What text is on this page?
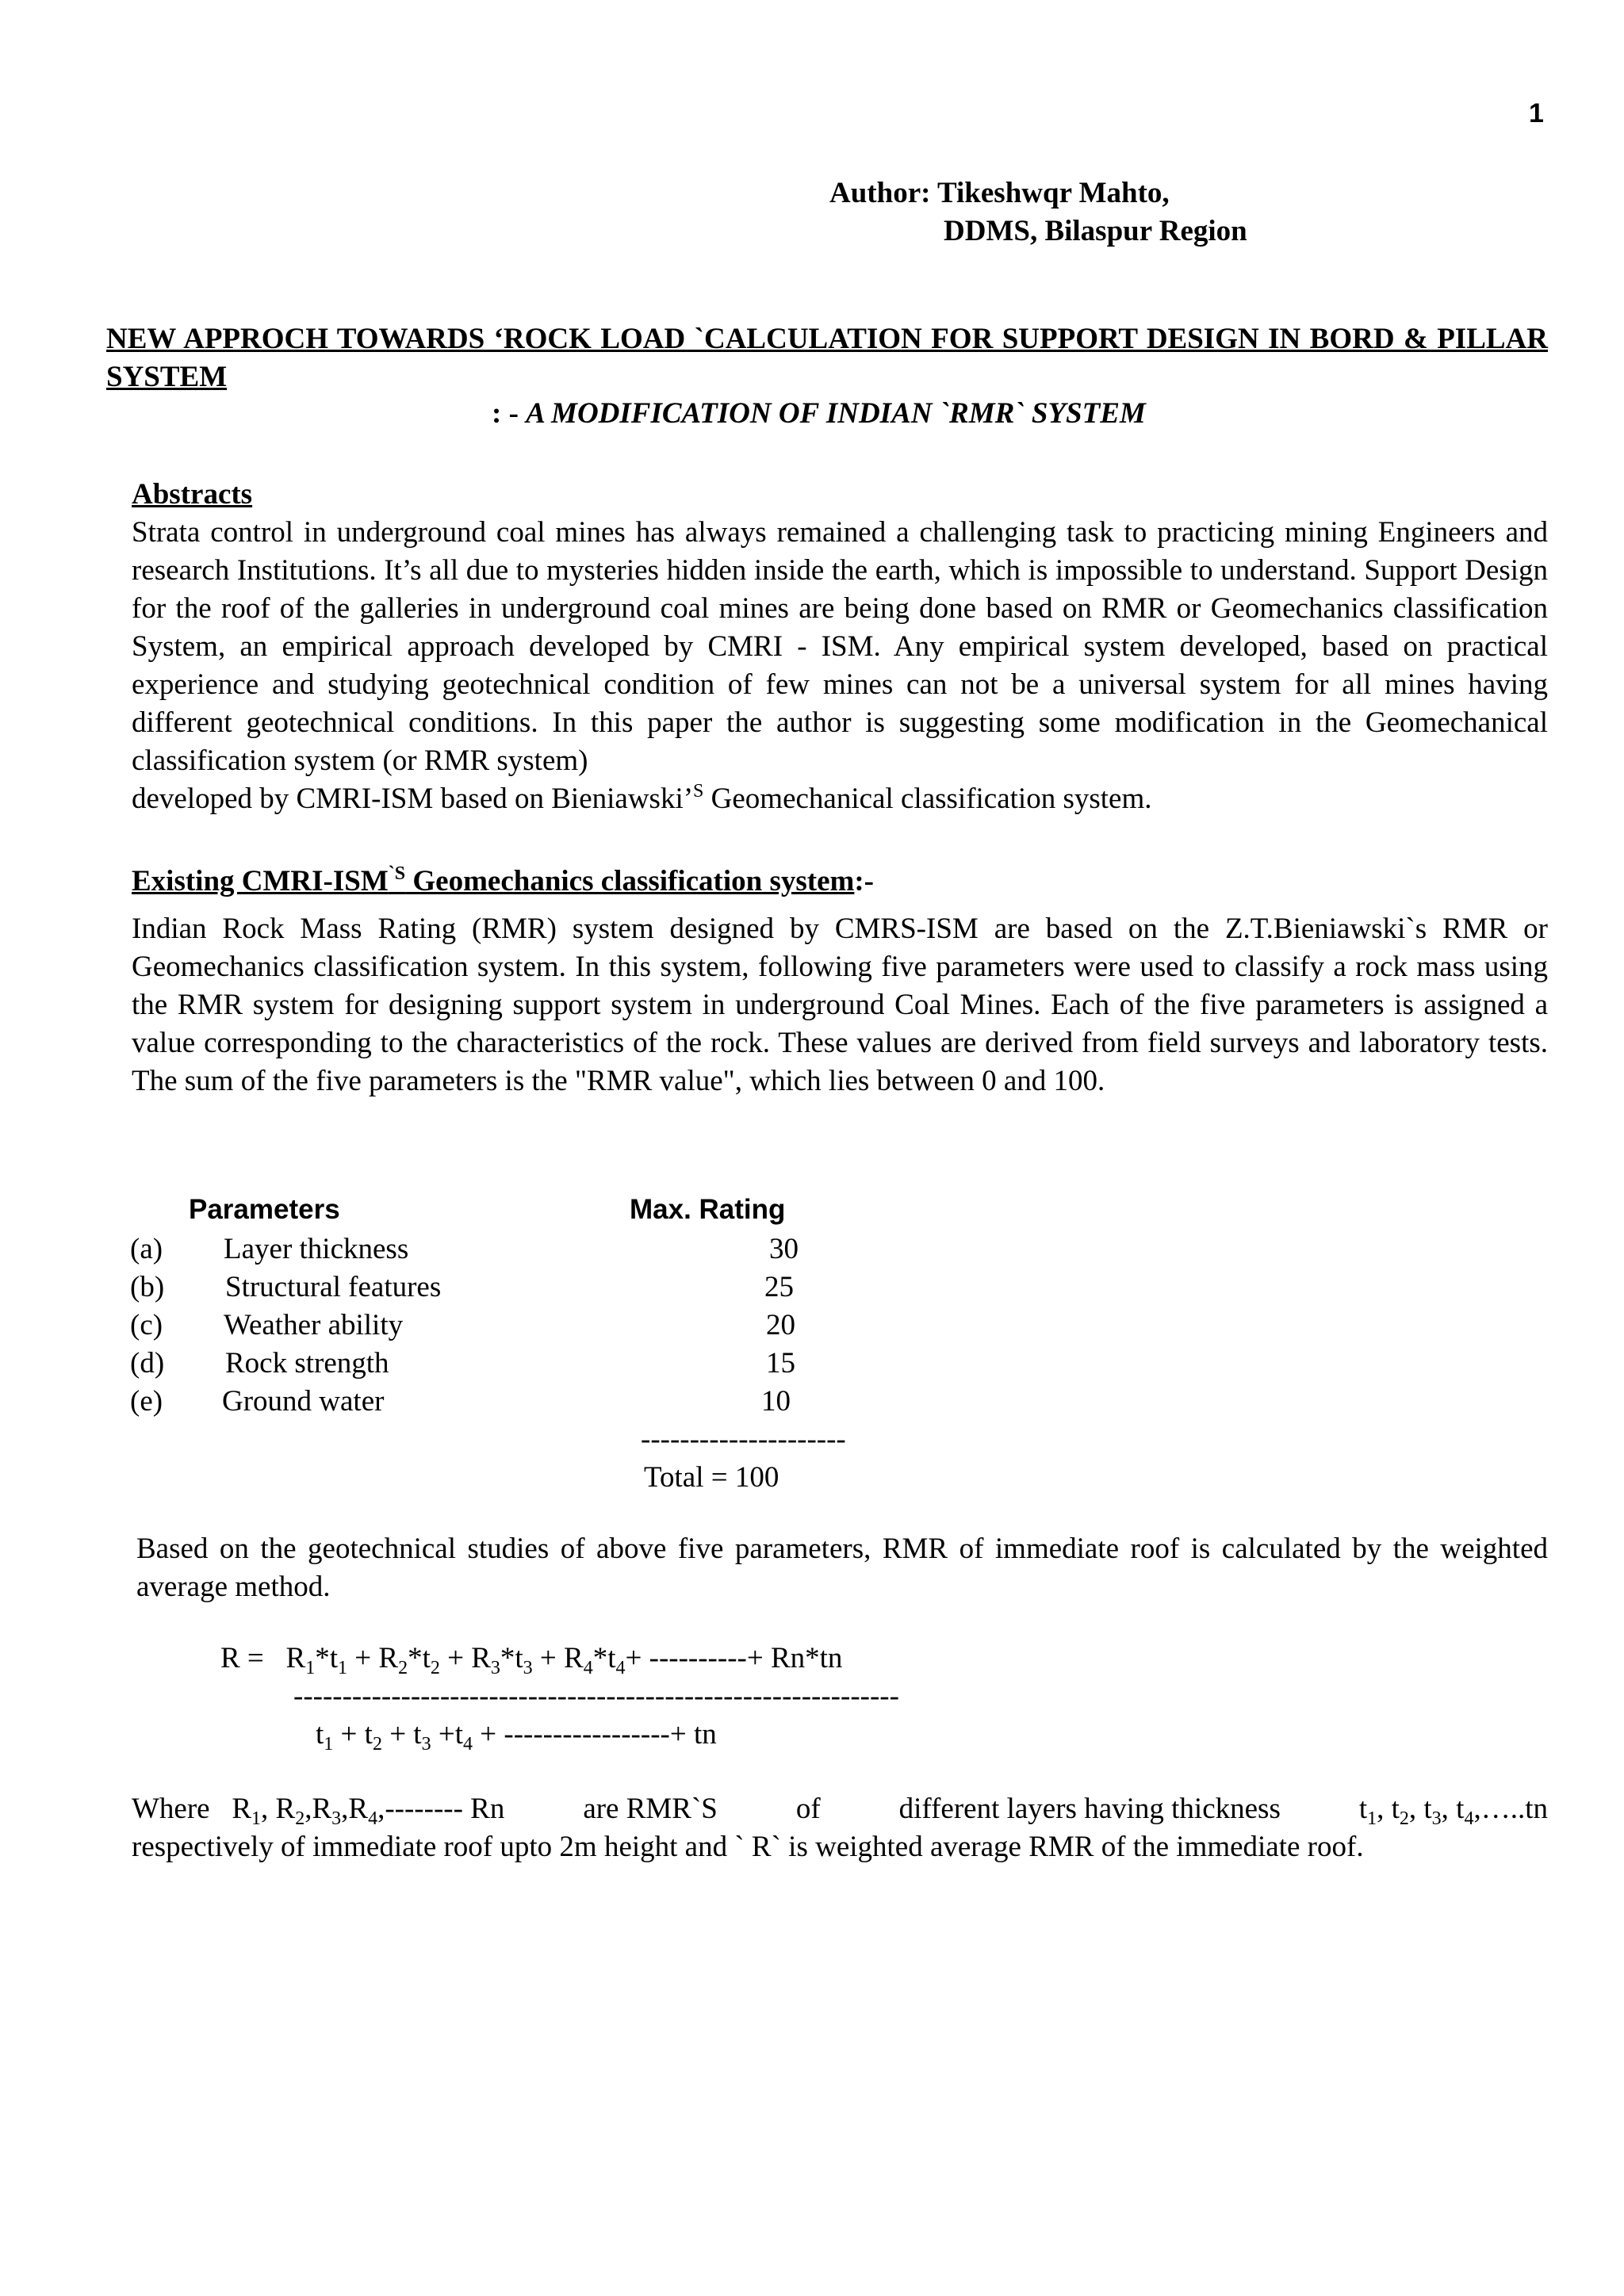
1
Author: Tikeshwqr Mahto,
DDMS, Bilaspur Region
NEW APPROCH TOWARDS ‘ROCK LOAD `CALCULATION FOR SUPPORT DESIGN IN BORD & PILLAR SYSTEM
: - A MODIFICATION OF INDIAN `RMR` SYSTEM
Abstracts
Strata control in underground coal mines has always remained a challenging task to practicing mining Engineers and research Institutions. It’s all due to mysteries hidden inside the earth, which is impossible to understand. Support Design for the roof of the galleries in underground coal mines are being done based on RMR or Geomechanics classification System, an empirical approach developed by CMRI - ISM. Any empirical system developed, based on practical experience and studying geotechnical condition of few mines can not be a universal system for all mines having different geotechnical conditions. In this paper the author is suggesting some modification in the Geomechanical classification system (or RMR system)
developed by CMRI-ISM based on Bieniawski’$^S$ Geomechanical classification system.
Existing CMRI-$ISM^{`S}$ Geomechanics classification system:-
Indian Rock Mass Rating (RMR) system designed by CMRS-ISM are based on the Z.T.Bieniawski`s RMR or Geomechanics classification system. In this system, following five parameters were used to classify a rock mass using the RMR system for designing support system in underground Coal Mines. Each of the five parameters is assigned a value corresponding to the characteristics of the rock. These values are derived from field surveys and laboratory tests. The sum of the five parameters is the "RMR value", which lies between 0 and 100.
Parameters	Max. Rating
(a) Layer thickness	30
(b) Structural features	25
(c) Weather ability	20
(d) Rock strength	15
(e) Ground water	10
---------------------
Total = 100
Based on the geotechnical studies of above five parameters, RMR of immediate roof is calculated by the weighted average method.
$R = R_1*t_1 + R_2*t_2 + R_3*t_3 + R_4*t_4+$ ----------+ Rn*tn
--------------------------------------------------------------
$t_1 + t_2 + t_3 +t_4$ + -----------------+ tn
Where   $R_1$, $R_2,R_3,R_4,--------$ Rn	are RMR`S	of	different layers having thickness	$t_1$, $t_2$, $t_3$, $t_4,\dots..tn$
respectively of immediate roof upto 2m height and ` R` is weighted average RMR of the immediate roof.
